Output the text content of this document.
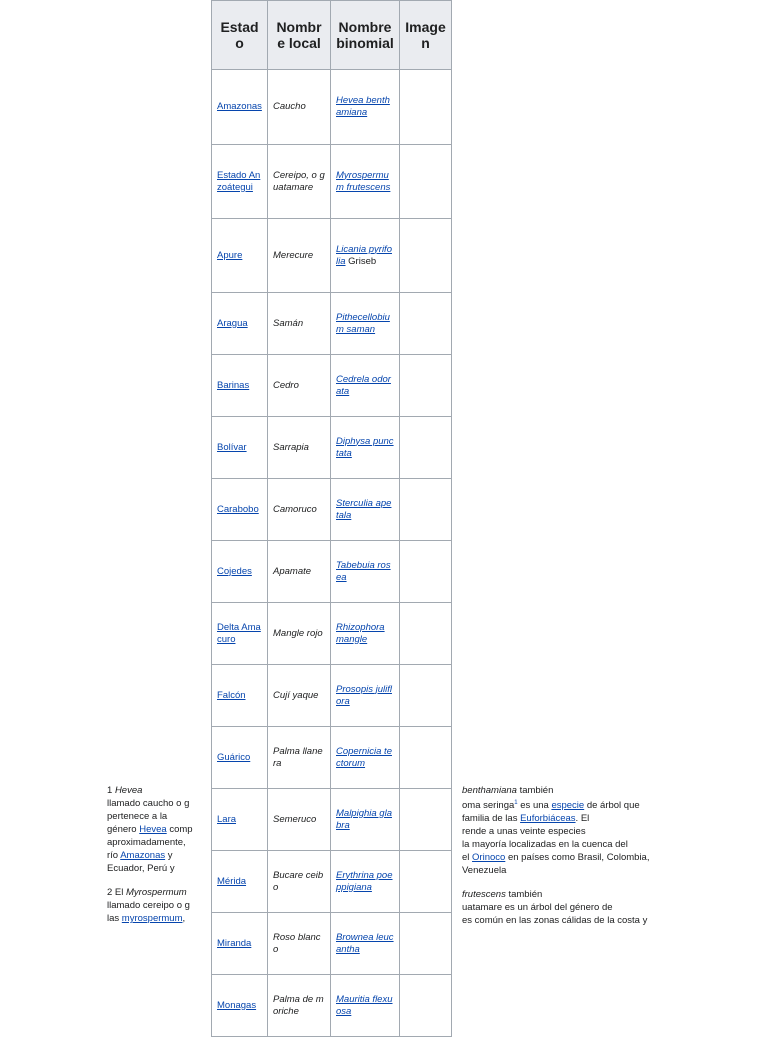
Estado	Nombre local	Nombre binomial	Imagen
Amazonas	Caucho	Hevea benthamiana	
Estado Anzoátegui	Cereipo, o guatamare	Myrospermum frutescens	
Apure	Merecure	Licania pyrifolia Griseb	
Aragua	Samán	Pithecellobium saman	
Barinas	Cedro	Cedrela odorata	
Bolívar	Sarrapia	Diphysa punctata	
Carabobo	Camoruco	Sterculia apetala	
Cojedes	Apamate	Tabebuia rosea	
Delta Amacuro	Mangle rojo	Rhizophora mangle	
Falcón	Cují yaque	Prosopis juliflora	
Guárico	Palma llanera	Copernicia tectorum	
Lara	Semeruco	Malpighia glabra	
Mérida	Bucare ceibo	Erythrina poeppigiana	
Miranda	Roso blanco	Brownea leucantha	
Monagas	Palma de moriche	Mauritia flexuosa	
1 Hevea
llamado caucho o g
pertenece a la
género Hevea comp
aproximadamente,
río Amazonas y
Ecuador, Perú y
2 El Myrospermum
llamado cereipo o g
las myrospermum,
benthamiana también
oma seringa$^1$ es una especie de árbol que
familia de las Euforbiáceas. El
rende a unas veinte especies
la mayoría localizadas en la cuenca del
el Orinoco en países como Brasil, Colombia,
Venezuela
frutescens también
uatamare es un árbol del género de
es común en las zonas cálidas de la costa y
